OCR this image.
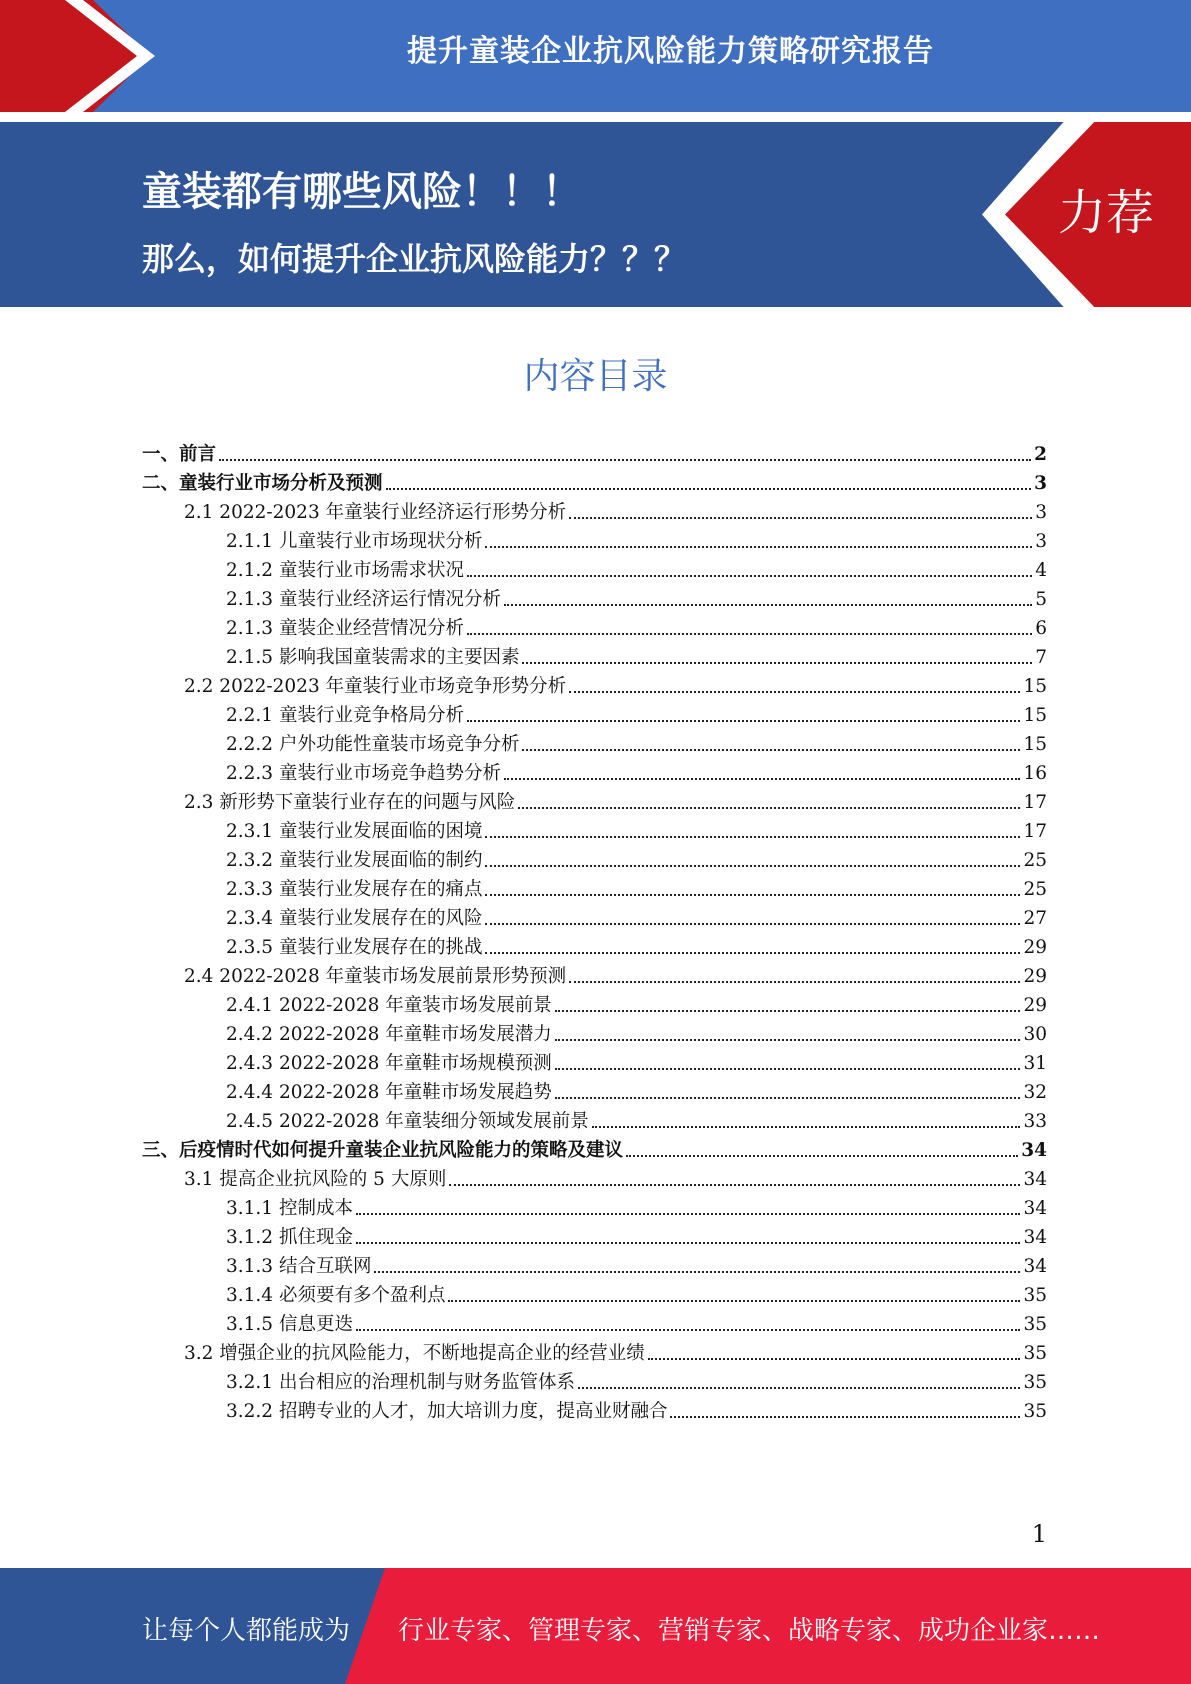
提升童装企业抗风险能力策略研究报告
童装都有哪些风险！！！
那么，如何提升企业抗风险能力？？？
力荐
内容目录
一、前言	2
二、童装行业市场分析及预测	3
2.1 2022-2023 年童装行业经济运行形势分析	3
2.1.1 儿童装行业市场现状分析	3
2.1.2 童装行业市场需求状况	4
2.1.3 童装行业经济运行情况分析	5
2.1.3 童装企业经营情况分析	6
2.1.5 影响我国童装需求的主要因素	7
2.2 2022-2023 年童装行业市场竞争形势分析	15
2.2.1 童装行业竞争格局分析	15
2.2.2 户外功能性童装市场竞争分析	15
2.2.3 童装行业市场竞争趋势分析	16
2.3 新形势下童装行业存在的问题与风险	17
2.3.1 童装行业发展面临的困境	17
2.3.2 童装行业发展面临的制约	25
2.3.3 童装行业发展存在的痛点	25
2.3.4 童装行业发展存在的风险	27
2.3.5 童装行业发展存在的挑战	29
2.4 2022-2028 年童装市场发展前景形势预测	29
2.4.1 2022-2028 年童装市场发展前景	29
2.4.2 2022-2028 年童鞋市场发展潜力	30
2.4.3 2022-2028 年童鞋市场规模预测	31
2.4.4 2022-2028 年童鞋市场发展趋势	32
2.4.5 2022-2028 年童装细分领域发展前景	33
三、后疫情时代如何提升童装企业抗风险能力的策略及建议	34
3.1 提高企业抗风险的 5 大原则	34
3.1.1 控制成本	34
3.1.2 抓住现金	34
3.1.3 结合互联网	34
3.1.4 必须要有多个盈利点	35
3.1.5 信息更迭	35
3.2 增强企业的抗风险能力，不断地提高企业的经营业绩	35
3.2.1 出台相应的治理机制与财务监管体系	35
3.2.2 招聘专业的人才，加大培训力度，提高业财融合	35
1
让每个人都能成为 行业专家、管理专家、营销专家、战略专家、成功企业家……
